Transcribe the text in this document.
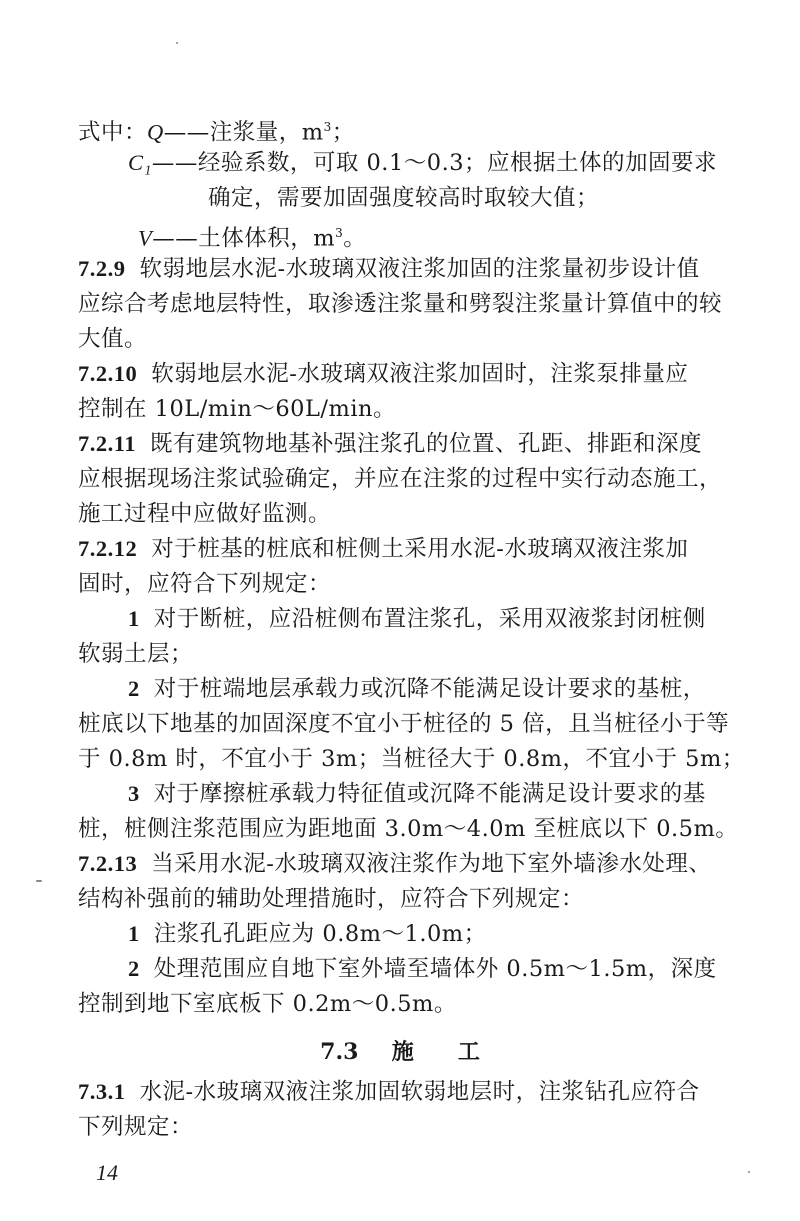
式中：Q——注浆量，$m^3$；
C₁——经验系数，可取 0.1～0.3；应根据土体的加固要求
确定，需要加固强度较高时取较大值；
V——土体体积，$m^3$。
7.2.9 软弱地层水泥-水玻璃双液注浆加固的注浆量初步设计值
应综合考虑地层特性，取渗透注浆量和劈裂注浆量计算值中的较
大值。
7.2.10 软弱地层水泥-水玻璃双液注浆加固时，注浆泵排量应
控制在 10L/min～60L/min。
7.2.11 既有建筑物地基补强注浆孔的位置、孔距、排距和深度
应根据现场注浆试验确定，并应在注浆的过程中实行动态施工，
施工过程中应做好监测。
7.2.12 对于桩基的桩底和桩侧土采用水泥-水玻璃双液注浆加
固时，应符合下列规定：
1 对于断桩，应沿桩侧布置注浆孔，采用双液浆封闭桩侧
软弱土层；
2 对于桩端地层承载力或沉降不能满足设计要求的基桩，
桩底以下地基的加固深度不宜小于桩径的 5 倍，且当桩径小于等
于 0.8m 时，不宜小于 3m；当桩径大于 0.8m，不宜小于 5m；
3 对于摩擦桩承载力特征值或沉降不能满足设计要求的基
桩，桩侧注浆范围应为距地面 3.0m～4.0m 至桩底以下 0.5m。
7.2.13 当采用水泥-水玻璃双液注浆作为地下室外墙渗水处理、
结构补强前的辅助处理措施时，应符合下列规定：
1 注浆孔孔距应为 0.8m～1.0m；
2 处理范围应自地下室外墙至墙体外 0.5m～1.5m，深度
控制到地下室底板下 0.2m～0.5m。
7.3 施 工
7.3.1 水泥-水玻璃双液注浆加固软弱地层时，注浆钻孔应符合
下列规定：
14
